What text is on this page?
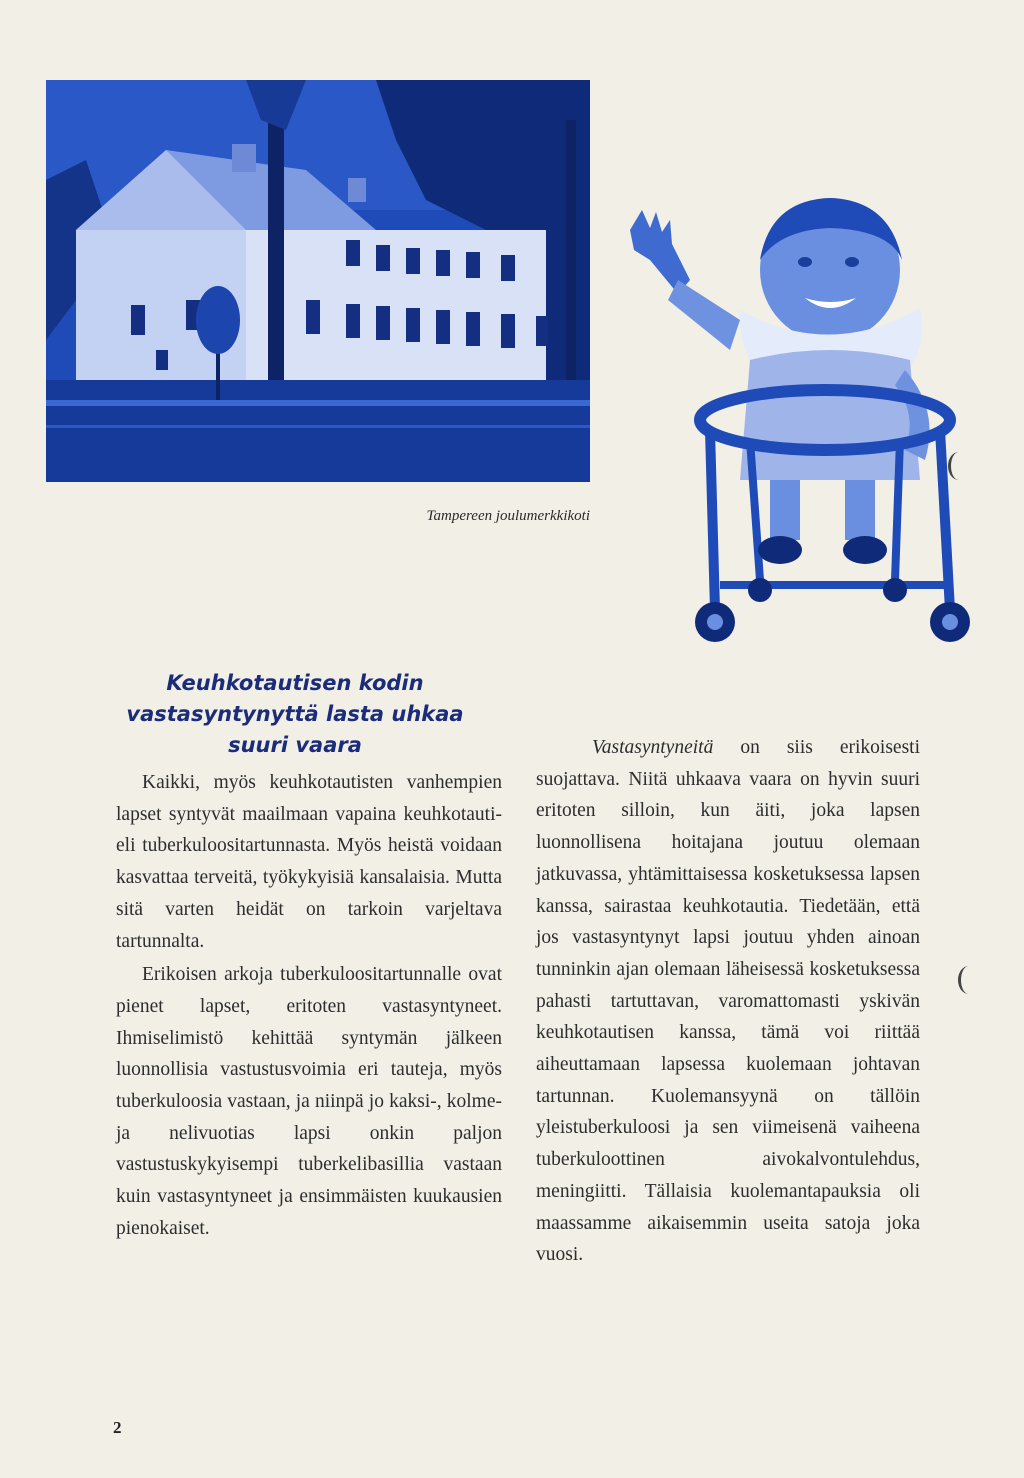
Tampereen joulumerkkikoti
Keuhkotautisen kodin
vastasyntynyttä lasta uhkaa
suuri vaara

Kaikki, myös keuhkotautisten vanhempien lapset syntyvät maailmaan vapaina keuhkotauti- eli tuberkuloositartunnasta. Myös heistä voidaan kasvattaa terveitä, työkykyisiä kansalaisia. Mutta sitä varten heidät on tarkoin varjeltava tartunnalta.

Erikoisen arkoja tuberkuloositartunnalle ovat pienet lapset, eritoten vastasyntyneet. Ihmiselimistö kehittää syntymän jälkeen luonnollisia vastustusvoimia eri tauteja, myös tuberkuloosia vastaan, ja niinpä jo kaksi-, kolme- ja nelivuotias lapsi onkin paljon vastustuskykyisempi tuberkelibasillia vastaan kuin vastasyntyneet ja ensimmäisten kuukausien pienokaiset.

Vastasyntyneitä on siis erikoisesti suojattava. Niitä uhkaava vaara on hyvin suuri eritoten silloin, kun äiti, joka lapsen luonnollisena hoitajana joutuu olemaan jatkuvassa, yhtämittaisessa kosketuksessa lapsen kanssa, sairastaa keuhkotautia. Tiedetään, että jos vastasyntynyt lapsi joutuu yhden ainoan tunninkin ajan olemaan läheisessä kosketuksessa pahasti tartuttavan, varomattomasti yskivän keuhkotautisen kanssa, tämä voi riittää aiheuttamaan lapsessa kuolemaan johtavan tartunnan. Kuolemansyynä on tällöin yleistuberkuloosi ja sen viimeisenä vaiheena tuberkuloottinen aivokalvontulehdus, meningiitti. Tällaisia kuolemantapauksia oli maassamme aikaisemmin useita satoja joka vuosi.

2
